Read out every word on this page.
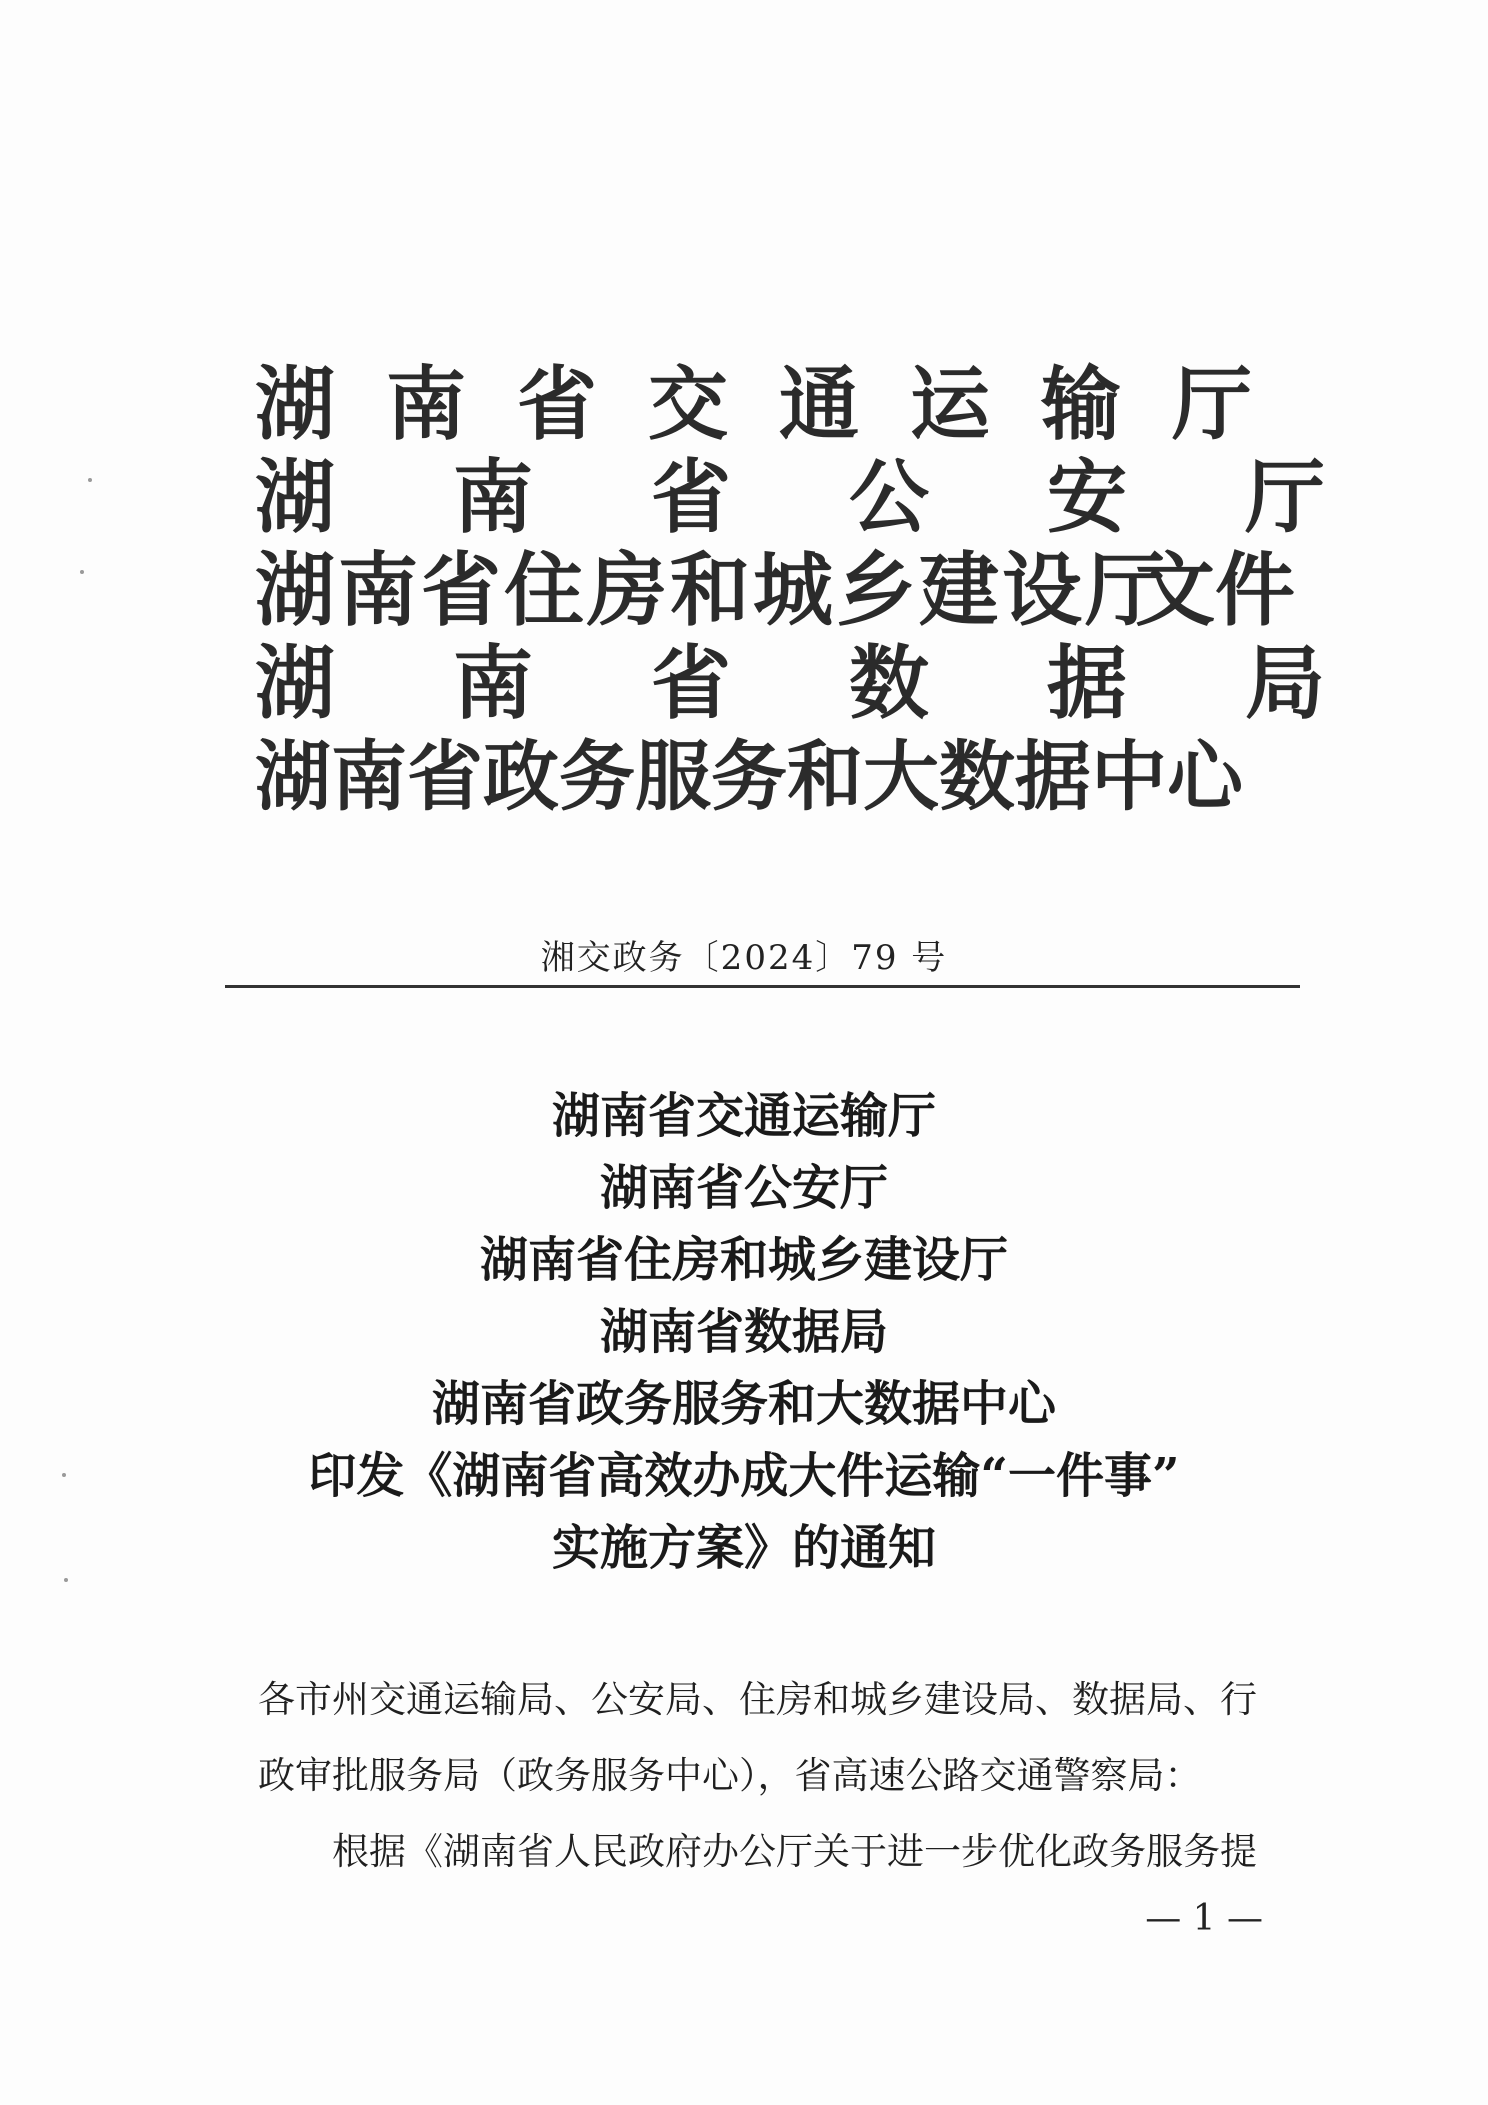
湖南省交通运输厅
湖南省公安厅
湖南省住房和城乡建设厅
文件
湖南省数据局
湖南省政务服务和大数据中心
湘交政务〔2024〕79 号
湖南省交通运输厅
湖南省公安厅
湖南省住房和城乡建设厅
湖南省数据局
湖南省政务服务和大数据中心
印发《湖南省高效办成大件运输“一件事”
实施方案》的通知
各市州交通运输局、公安局、住房和城乡建设局、数据局、行
政审批服务局（政务服务中心），省高速公路交通警察局：
根据《湖南省人民政府办公厅关于进一步优化政务服务提
— 1 —
